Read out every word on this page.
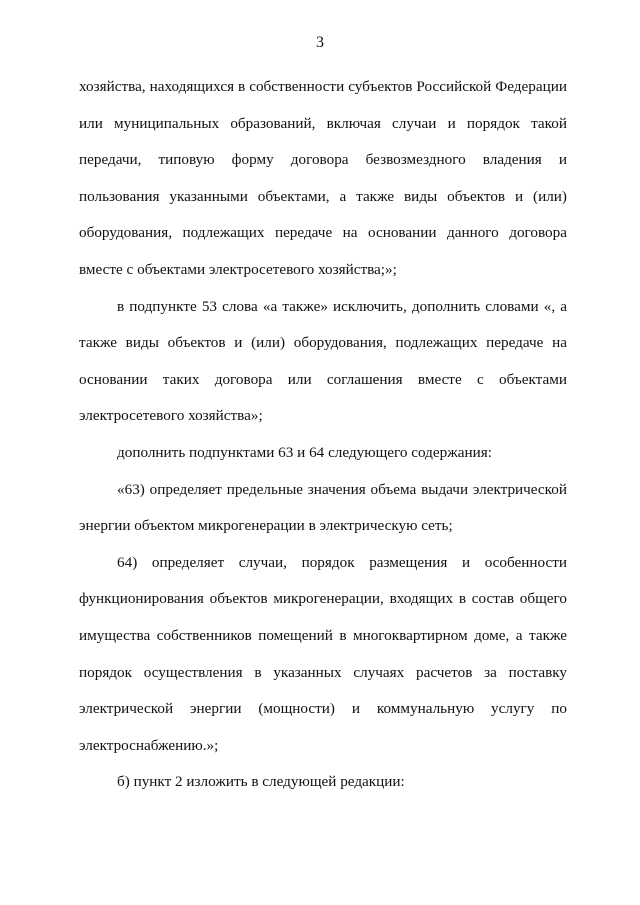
3

хозяйства, находящихся в собственности субъектов Российской Федерации или муниципальных образований, включая случаи и порядок такой передачи, типовую форму договора безвозмездного владения и пользования указанными объектами, а также виды объектов и (или) оборудования, подлежащих передаче на основании данного договора вместе с объектами электросетевого хозяйства;»;

в подпункте 53 слова «а также» исключить, дополнить словами «, а также виды объектов и (или) оборудования, подлежащих передаче на основании таких договора или соглашения вместе с объектами электросетевого хозяйства»;

дополнить подпунктами 63 и 64 следующего содержания:

«63) определяет предельные значения объема выдачи электрической энергии объектом микрогенерации в электрическую сеть;

64) определяет случаи, порядок размещения и особенности функционирования объектов микрогенерации, входящих в состав общего имущества собственников помещений в многоквартирном доме, а также порядок осуществления в указанных случаях расчетов за поставку электрической энергии (мощности) и коммунальную услугу по электроснабжению.»;

б) пункт 2 изложить в следующей редакции:
